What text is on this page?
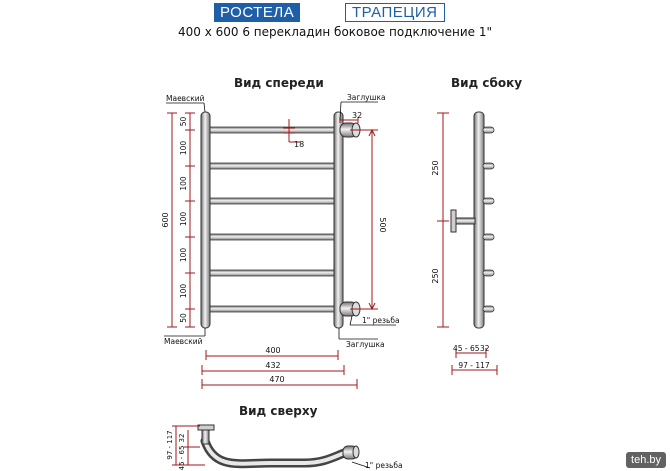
РОСТЕЛА	ТРАПЕЦИЯ
400 х 600 6 перекладин боковое подключение 1"
Вид спереди	Вид сбоку
Вид сверху
50
100
100
100
100
100
50
600	500
32
18
Маевский	Заглушка
1" резьба
Маевский	Заглушка
400
432
470
250
250
45 - 65 32
97 - 117
97 - 117 32
45 - 65	1" резьба	teh.by
